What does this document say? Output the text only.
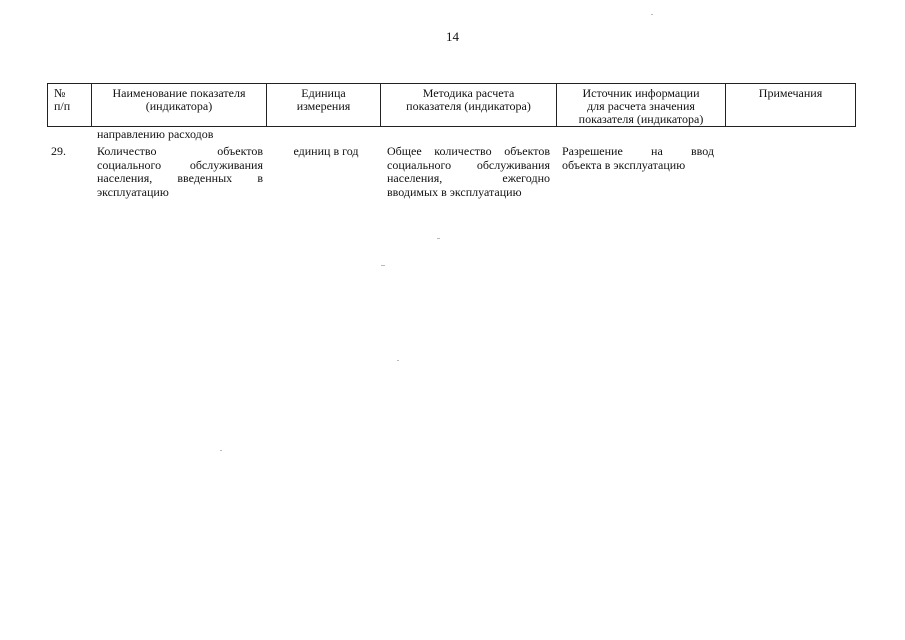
14
№
п/п
Наименование показателя
(индикатора)
Единица
измерения
Методика расчета
показателя (индикатора)
Источник информации
для расчета значения
показателя (индикатора)
Примечания
направлению расходов
29.	Количество объектов
социального обслуживания
населения, введенных в
эксплуатацию
единиц в год	Общее количество объектов
социального обслуживания
населения, ежегодно
вводимых в эксплуатацию
Разрешение на ввод
объекта в эксплуатацию
